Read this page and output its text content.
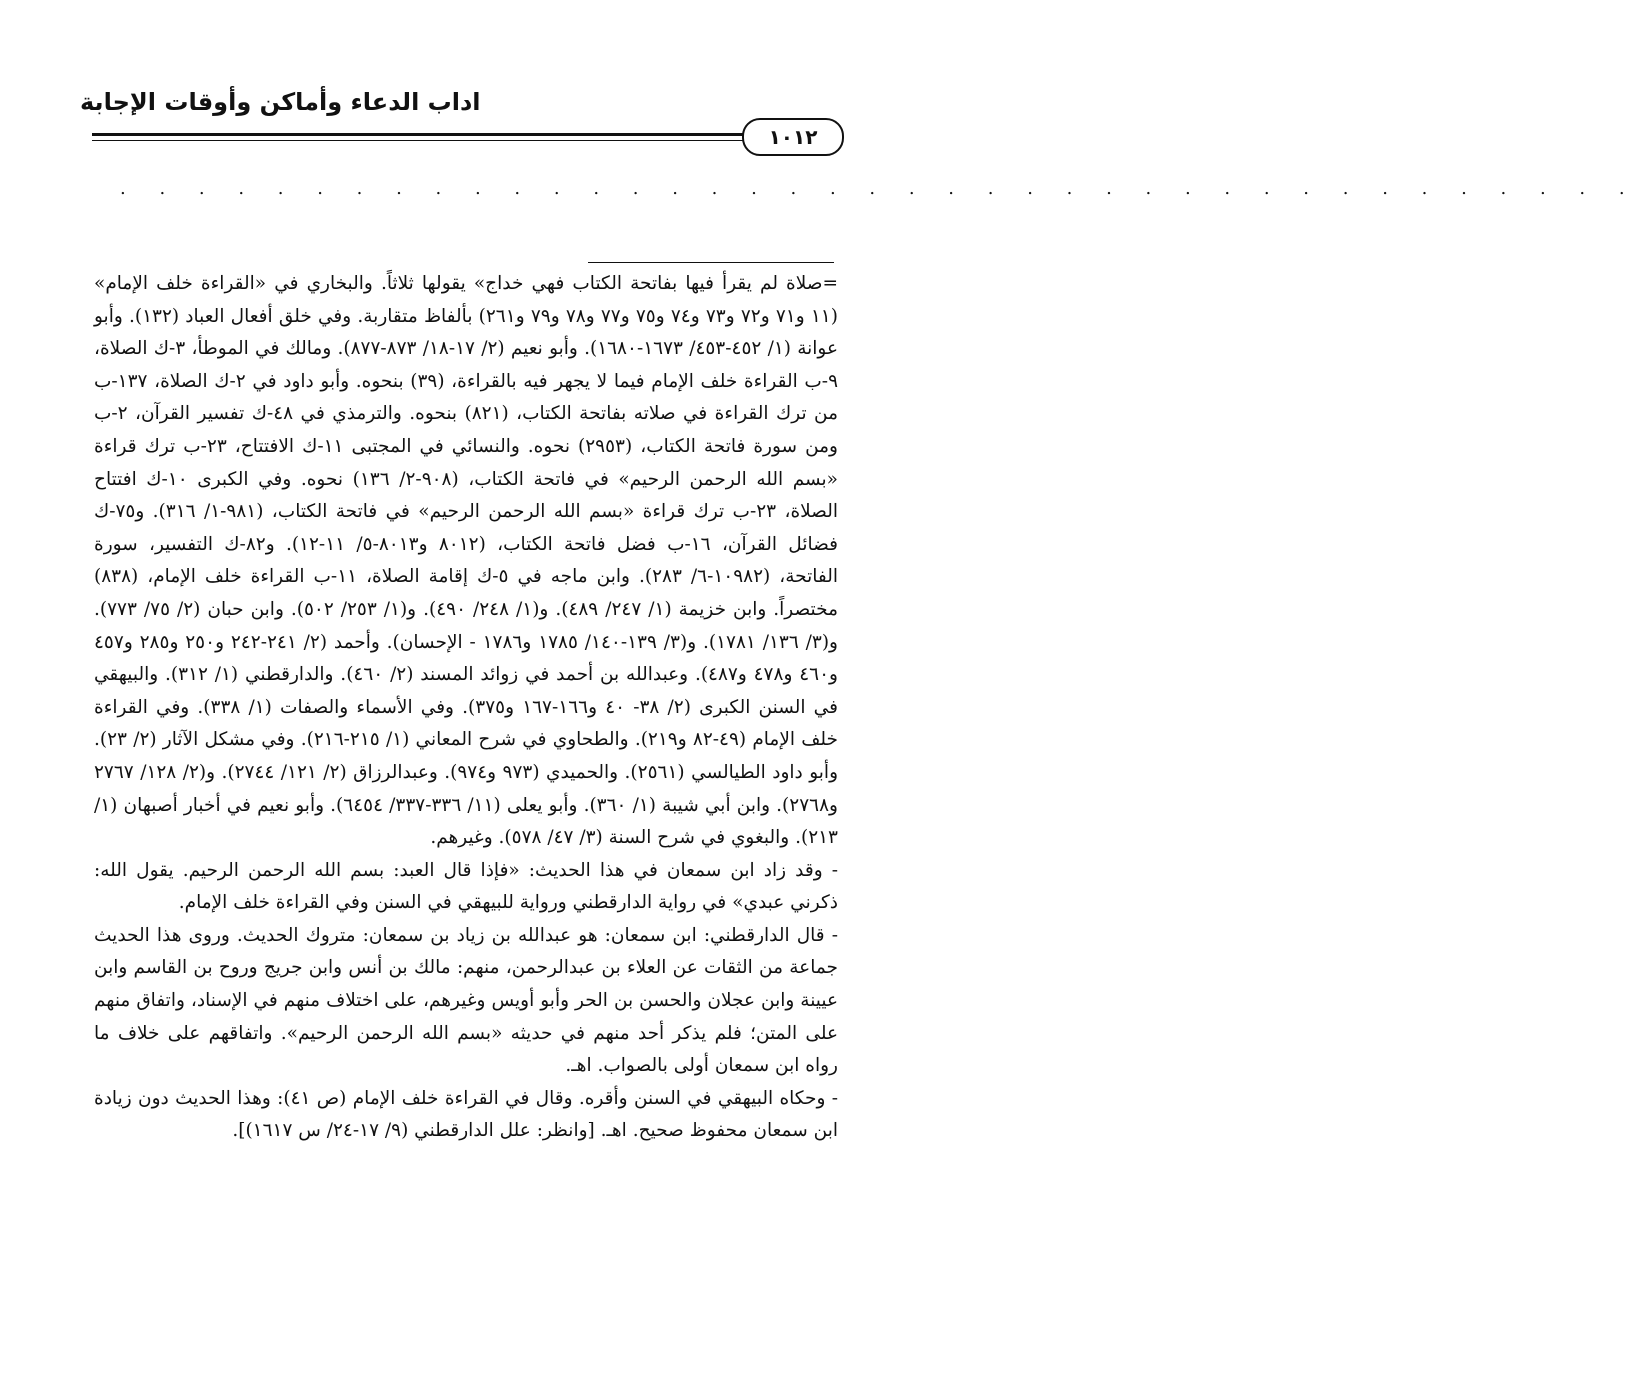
اداب الدعاء وأماكن وأوقات الإجابة
١٠١٢
. . . . . . . . . . . . . . . . . . . . . . . . . . . . . . . . . . . . . . .

=صلاة لم يقرأ فيها بفاتحة الكتاب فهي خداج» يقولها ثلاثاً. والبخاري في «القراءة خلف الإمام» (١١ و٧١ و٧٢ و٧٣ و٧٤ و٧٥ و٧٧ و٧٨ و٧٩ و٢٦١) بألفاظ متقاربة. وفي خلق أفعال العباد (١٣٢). وأبو عوانة (١/ ٤٥٢-٤٥٣/ ١٦٧٣-١٦٨٠). وأبو نعيم (٢/ ١٧-١٨/ ٨٧٣-٨٧٧). ومالك في الموطأ، ٣-ك الصلاة، ٩-ب القراءة خلف الإمام فيما لا يجهر فيه بالقراءة، (٣٩) بنحوه. وأبو داود في ٢-ك الصلاة، ١٣٧-ب من ترك القراءة في صلاته بفاتحة الكتاب، (٨٢١) بنحوه. والترمذي في ٤٨-ك تفسير القرآن، ٢-ب ومن سورة فاتحة الكتاب، (٢٩٥٣) نحوه. والنسائي في المجتبى ١١-ك الافتتاح، ٢٣-ب ترك قراءة «بسم الله الرحمن الرحيم» في فاتحة الكتاب، (٩٠٨-٢/ ١٣٦) نحوه. وفي الكبرى ١٠-ك افتتاح الصلاة، ٢٣-ب ترك قراءة «بسم الله الرحمن الرحيم» في فاتحة الكتاب، (٩٨١-١/ ٣١٦). و٧٥-ك فضائل القرآن، ١٦-ب فضل فاتحة الكتاب، (٨٠١٢ و٨٠١٣-٥/ ١١-١٢). و٨٢-ك التفسير، سورة الفاتحة، (١٠٩٨٢-٦/ ٢٨٣). وابن ماجه في ٥-ك إقامة الصلاة، ١١-ب القراءة خلف الإمام، (٨٣٨) مختصراً. وابن خزيمة (١/ ٢٤٧/ ٤٨٩). و(١/ ٢٤٨/ ٤٩٠). و(١/ ٢٥٣/ ٥٠٢). وابن حبان (٢/ ٧٥/ ٧٧٣). و(٣/ ١٣٦/ ١٧٨١). و(٣/ ١٣٩-١٤٠/ ١٧٨٥ و١٧٨٦ - الإحسان). وأحمد (٢/ ٢٤١-٢٤٢ و٢٥٠ و٢٨٥ و٤٥٧ و٤٦٠ و٤٧٨ و٤٨٧). وعبدالله بن أحمد في زوائد المسند (٢/ ٤٦٠). والدارقطني (١/ ٣١٢). والبيهقي في السنن الكبرى (٢/ ٣٨- ٤٠ و١٦٦-١٦٧ و٣٧٥). وفي الأسماء والصفات (١/ ٣٣٨). وفي القراءة خلف الإمام (٤٩-٨٢ و٢١٩). والطحاوي في شرح المعاني (١/ ٢١٥-٢١٦). وفي مشكل الآثار (٢/ ٢٣). وأبو داود الطيالسي (٢٥٦١). والحميدي (٩٧٣ و٩٧٤). وعبدالرزاق (٢/ ١٢١/ ٢٧٤٤). و(٢/ ١٢٨/ ٢٧٦٧ و٢٧٦٨). وابن أبي شيبة (١/ ٣٦٠). وأبو يعلى (١١/ ٣٣٦-٣٣٧/ ٦٤٥٤). وأبو نعيم في أخبار أصبهان (١/ ٢١٣). والبغوي في شرح السنة (٣/ ٤٧/ ٥٧٨). وغيرهم.

- وقد زاد ابن سمعان في هذا الحديث: «فإذا قال العبد: بسم الله الرحمن الرحيم. يقول الله: ذكرني عبدي» في رواية الدارقطني ورواية للبيهقي في السنن وفي القراءة خلف الإمام.

- قال الدارقطني: ابن سمعان: هو عبدالله بن زياد بن سمعان: متروك الحديث. وروى هذا الحديث جماعة من الثقات عن العلاء بن عبدالرحمن، منهم: مالك بن أنس وابن جريج وروح بن القاسم وابن عيينة وابن عجلان والحسن بن الحر وأبو أويس وغيرهم، على اختلاف منهم في الإسناد، واتفاق منهم على المتن؛ فلم يذكر أحد منهم في حديثه «بسم الله الرحمن الرحيم». واتفاقهم على خلاف ما رواه ابن سمعان أولى بالصواب. اهـ.

- وحكاه البيهقي في السنن وأقره. وقال في القراءة خلف الإمام (ص ٤١): وهذا الحديث دون زيادة ابن سمعان محفوظ صحيح. اهـ. [وانظر: علل الدارقطني (٩/ ١٧-٢٤/ س ١٦١٧)].
